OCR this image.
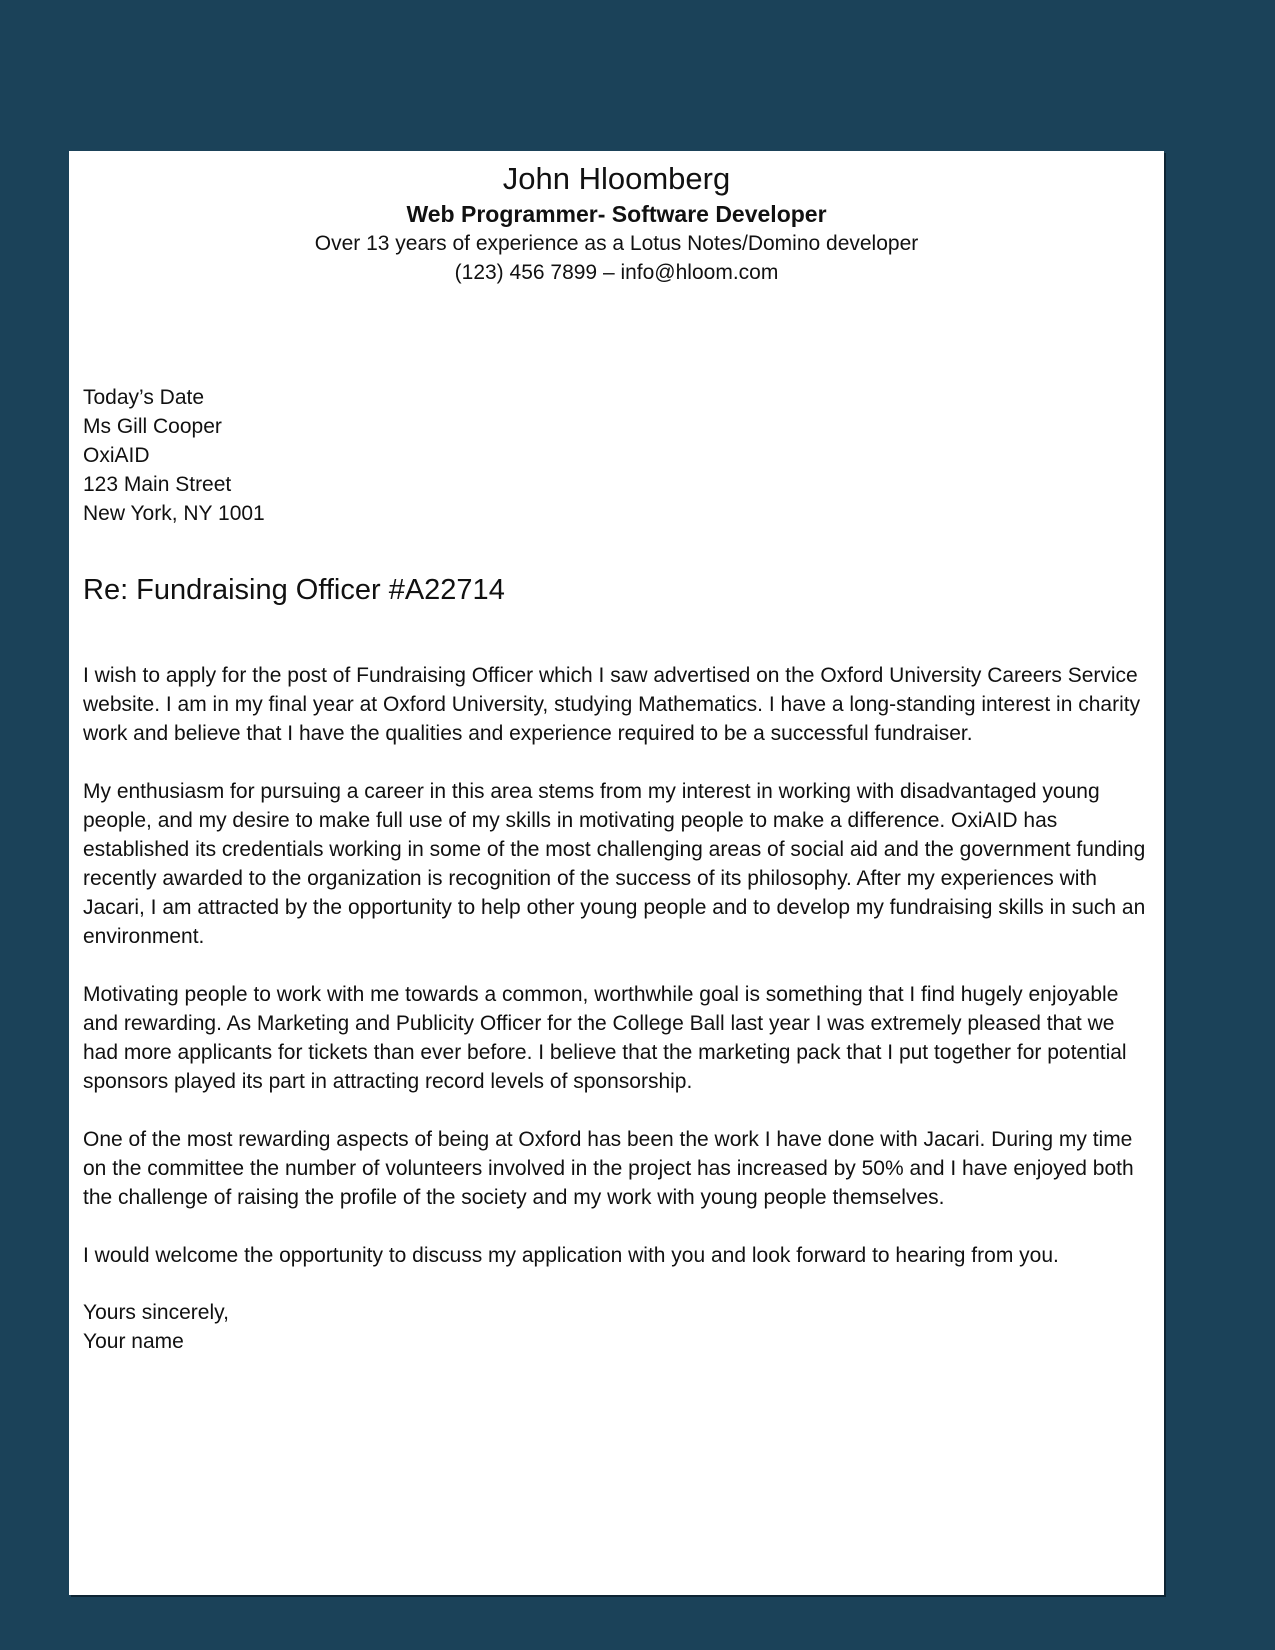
John Hloomberg
Web Programmer- Software Developer
Over 13 years of experience as a Lotus Notes/Domino developer
(123) 456 7899 – info@hloom.com
Today’s Date
Ms Gill Cooper
OxiAID
123 Main Street
New York, NY 1001
Re: Fundraising Officer #A22714

I wish to apply for the post of Fundraising Officer which I saw advertised on the Oxford University Careers Service website. I am in my final year at Oxford University, studying Mathematics. I have a long-standing interest in charity work and believe that I have the qualities and experience required to be a successful fundraiser.

My enthusiasm for pursuing a career in this area stems from my interest in working with disadvantaged young people, and my desire to make full use of my skills in motivating people to make a difference. OxiAID has established its credentials working in some of the most challenging areas of social aid and the government funding recently awarded to the organization is recognition of the success of its philosophy. After my experiences with Jacari, I am attracted by the opportunity to help other young people and to develop my fundraising skills in such an environment.

Motivating people to work with me towards a common, worthwhile goal is something that I find hugely enjoyable and rewarding. As Marketing and Publicity Officer for the College Ball last year I was extremely pleased that we had more applicants for tickets than ever before. I believe that the marketing pack that I put together for potential sponsors played its part in attracting record levels of sponsorship.

One of the most rewarding aspects of being at Oxford has been the work I have done with Jacari. During my time on the committee the number of volunteers involved in the project has increased by 50% and I have enjoyed both the challenge of raising the profile of the society and my work with young people themselves.

I would welcome the opportunity to discuss my application with you and look forward to hearing from you.

Yours sincerely,
Your name
